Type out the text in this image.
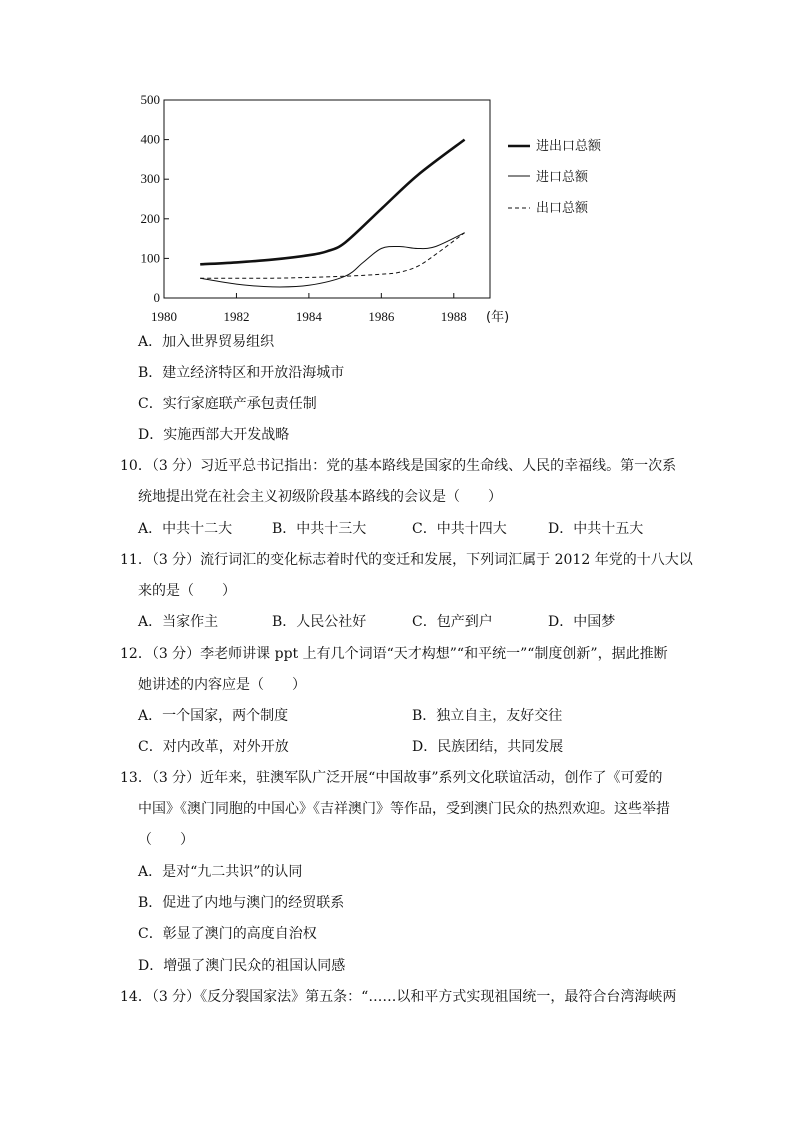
0
100
200
300
400
500
1980	1982	1984	1986	1988
进出口总额
进口总额
出口总额
(年)
A．加入世界贸易组织
B．建立经济特区和开放沿海城市
C．实行家庭联产承包责任制
D．实施西部大开发战略
10．（3 分）习近平总书记指出：党的基本路线是国家的生命线、人民的幸福线。第一次系
统地提出党在社会主义初级阶段基本路线的会议是（　　）
A．中共十二大	B．中共十三大	C．中共十四大	D．中共十五大
11．（3 分）流行词汇的变化标志着时代的变迁和发展，下列词汇属于 2012 年党的十八大以
来的是（　　）
A．当家作主	B．人民公社好	C．包产到户	D．中国梦
12．（3 分）李老师讲课 ppt 上有几个词语“天才构想”“和平统一”“制度创新”，据此推断
她讲述的内容应是（　　）
A．一个国家，两个制度	B．独立自主，友好交往
C．对内改革，对外开放	D．民族团结，共同发展
13．（3 分）近年来，驻澳军队广泛开展“中国故事”系列文化联谊活动，创作了《可爱的
中国》《澳门同胞的中国心》《吉祥澳门》等作品，受到澳门民众的热烈欢迎。这些举措
（　　）
A．是对“九二共识”的认同
B．促进了内地与澳门的经贸联系
C．彰显了澳门的高度自治权
D．增强了澳门民众的祖国认同感
14．（3 分）《反分裂国家法》第五条：“……以和平方式实现祖国统一，最符合台湾海峡两
